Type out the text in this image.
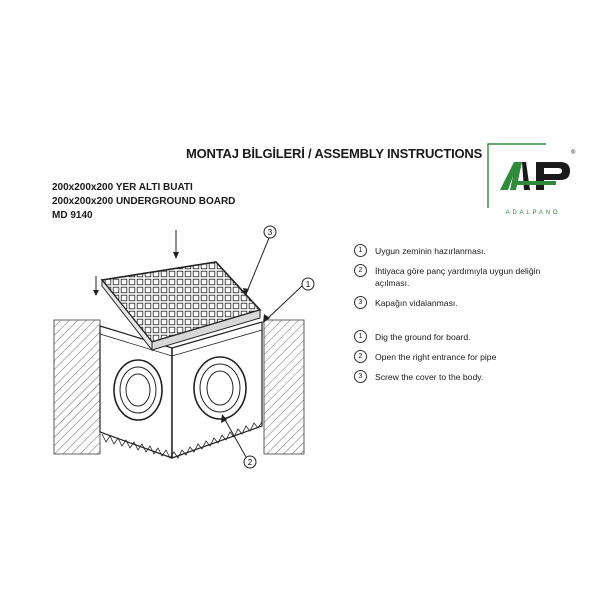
MONTAJ BİLGİLERİ / ASSEMBLY INSTRUCTIONS	®
ADALPANO
200x200x200 YER ALTI BUATI
200x200x200 UNDERGROUND BOARD
MD 9140
3
1
2
1	Uygun zeminin hazırlanması.
2	İhtiyaca göre panç yardımıyla uygun deliğin açılması.
3	Kapağın vidalanması.
1	Dig the ground for board.
2	Open the right entrance for pipe
3	Screw the cover to the body.
